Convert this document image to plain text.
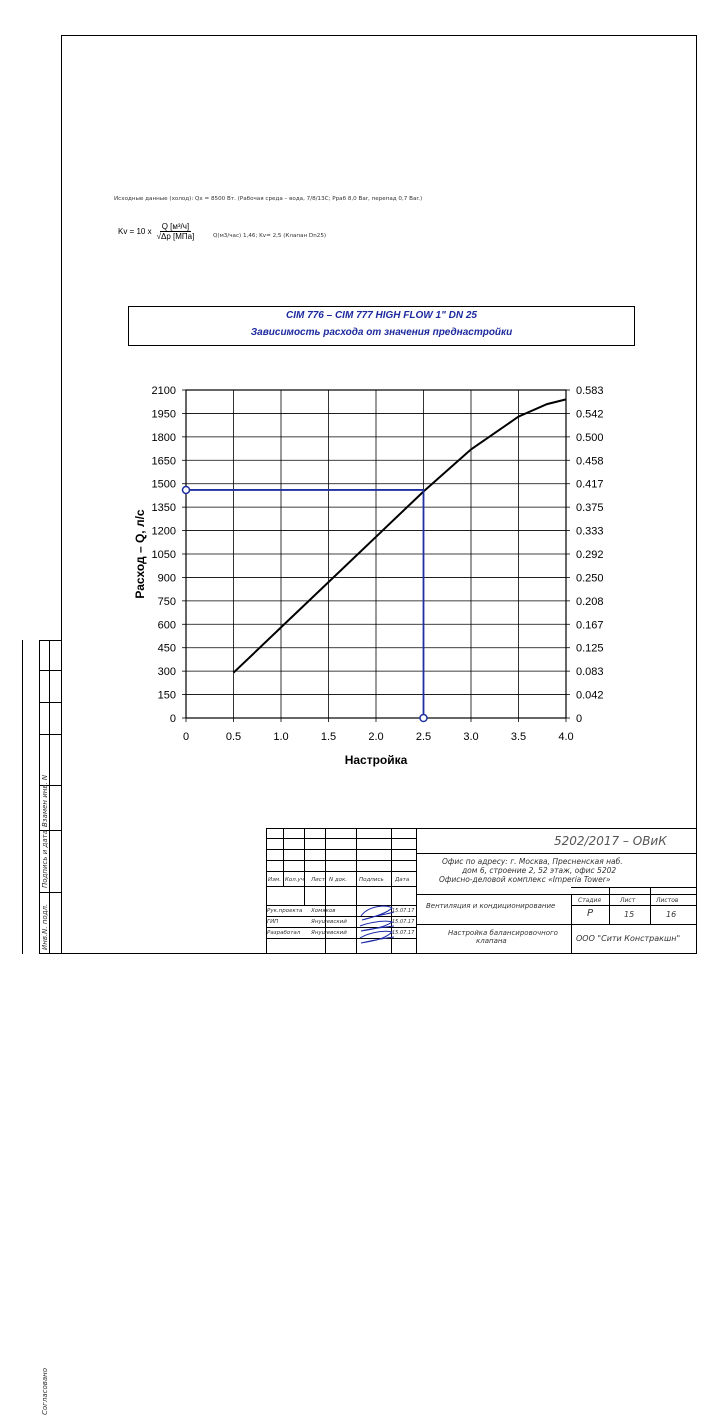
Согласовано
Взамен инв. N
Подпись и дата
Инв.N. подл.
Исходные данные (холод): Qх = 8500 Вт. (Рабочая среда – вода, 7/8/13С; Рраб 8,0 Bar, перепад 0,7 Bar.)
Kv = 10 x $\frac{\text{Q [м³/ч]}}{\text{√Δp [МПа]}}$	Q(м3/час) 1,46; Kv= 2,5 (Клапан Dn25)
CIM 776 – CIM 777 HIGH FLOW 1" DN 25
Зависимость расхода от значения преднастройки
0	0
150	0.042
300	0.083
450	0.125
600	0.167
750	0.208
900	0.250
1050	0.292
1200	0.333
1350	0.375
1500	0.417
1650	0.458
1800	0.500
1950	0.542
2100	0.583
0	0.5	1.0	1.5	2.0	2.5	3.0	3.5	4.0
Настройка
Расход – Q, л/с
Изм. Кол.уч Лист N док. Подпись Дата
Рук.проекта Хомяков	15.07.17
ГИП	Янушевский	15.07.17
Разработал Янушевский	15.07.17
5202/2017 – ОВиК
Офис по адресу: г. Москва, Пресненская наб.
дом 6, строение 2, 52 этаж, офис 5202
Офисно-деловой комплекс «Imperia Tower»
Стадия	Лист	Листов
Р	15	16
Вентиляция и кондиционирование
Настройка балансировочного
клапана	ООО "Сити Констракшн"
